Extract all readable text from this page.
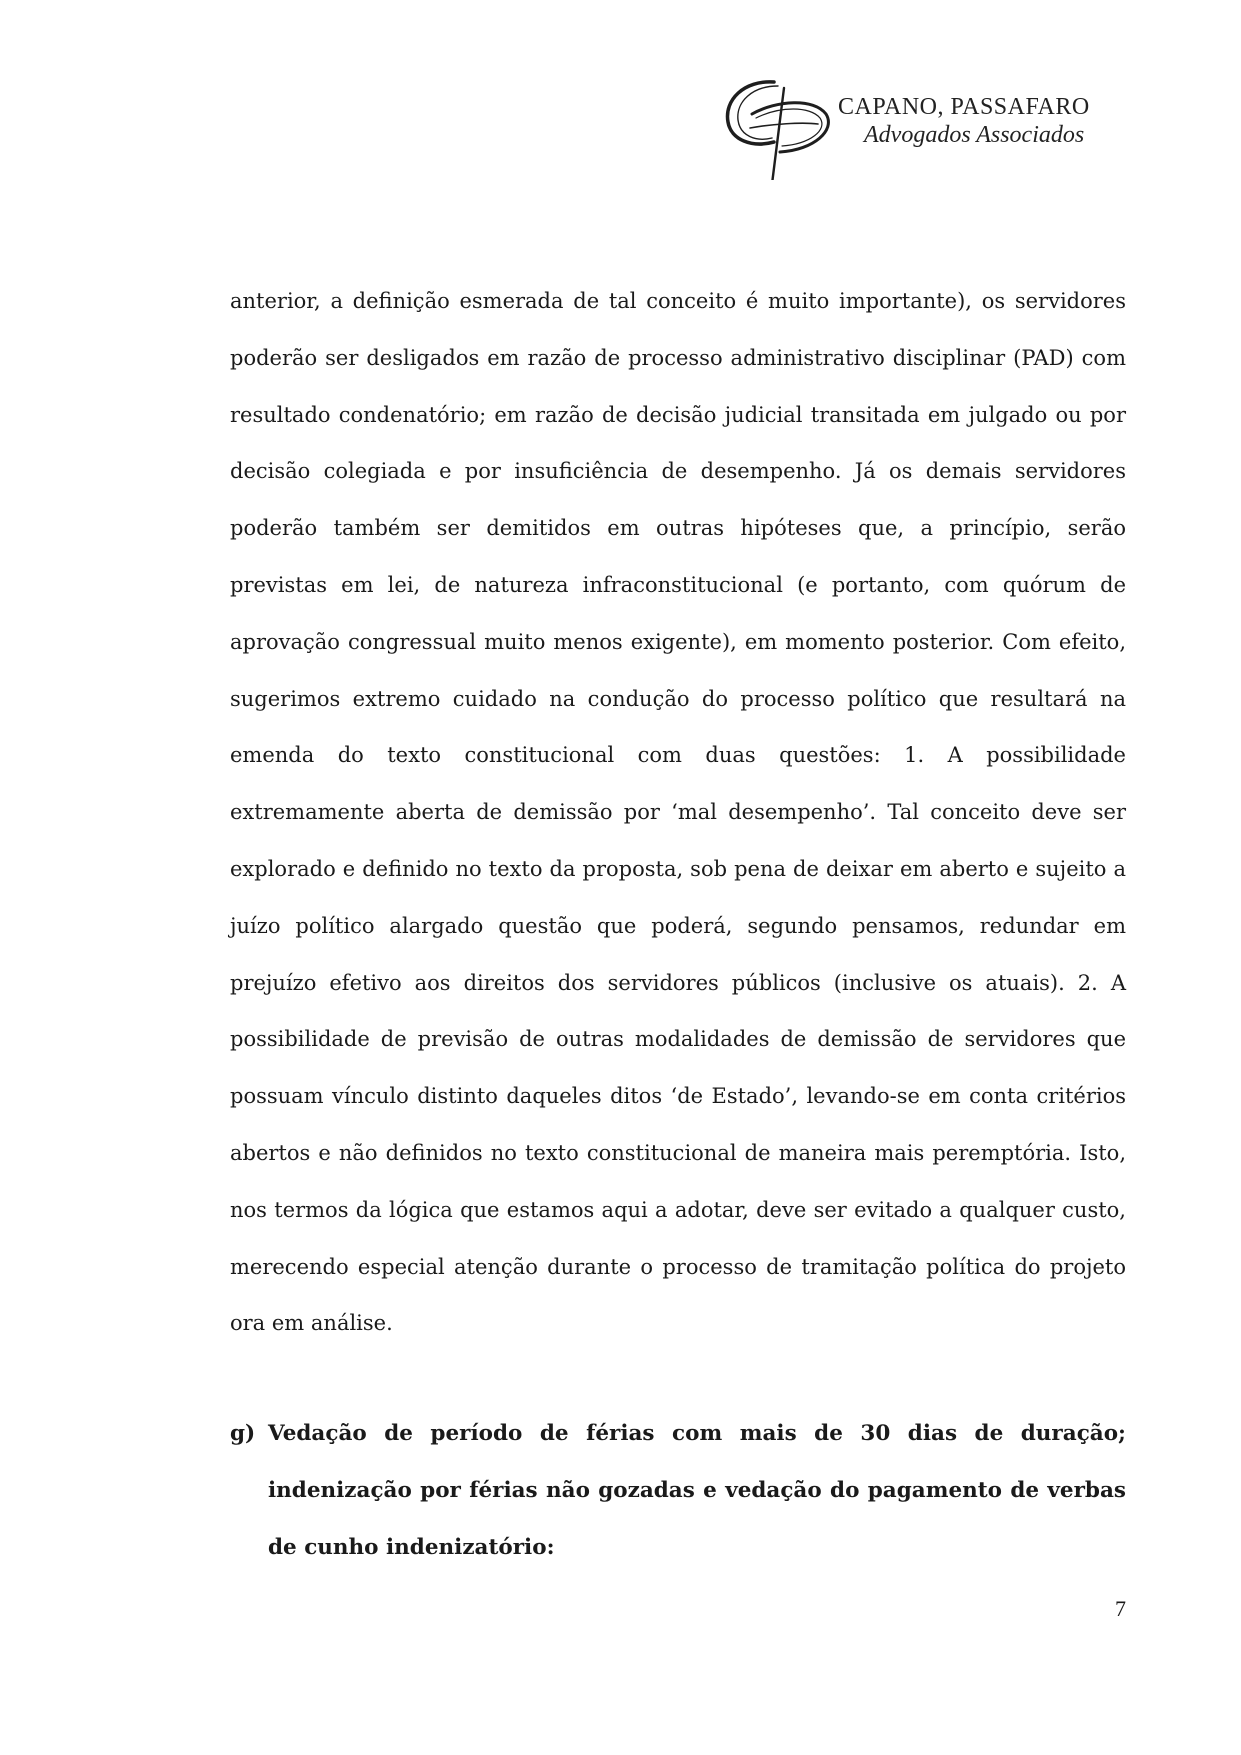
CAPANO, PASSAFARO
Advogados Associados

anterior, a definição esmerada de tal conceito é muito importante), os servidores poderão ser desligados em razão de processo administrativo disciplinar (PAD) com resultado condenatório; em razão de decisão judicial transitada em julgado ou por decisão colegiada e por insuficiência de desempenho. Já os demais servidores poderão também ser demitidos em outras hipóteses que, a princípio, serão previstas em lei, de natureza infraconstitucional (e portanto, com quórum de aprovação congressual muito menos exigente), em momento posterior. Com efeito, sugerimos extremo cuidado na condução do processo político que resultará na emenda do texto constitucional com duas questões: 1. A possibilidade extremamente aberta de demissão por ‘mal desempenho’. Tal conceito deve ser explorado e definido no texto da proposta, sob pena de deixar em aberto e sujeito a juízo político alargado questão que poderá, segundo pensamos, redundar em prejuízo efetivo aos direitos dos servidores públicos (inclusive os atuais). 2. A possibilidade de previsão de outras modalidades de demissão de servidores que possuam vínculo distinto daqueles ditos ‘de Estado’, levando-se em conta critérios abertos e não definidos no texto constitucional de maneira mais peremptória. Isto, nos termos da lógica que estamos aqui a adotar, deve ser evitado a qualquer custo, merecendo especial atenção durante o processo de tramitação política do projeto ora em análise.

g) Vedação de período de férias com mais de 30 dias de duração; indenização por férias não gozadas e vedação do pagamento de verbas de cunho indenizatório:
7
